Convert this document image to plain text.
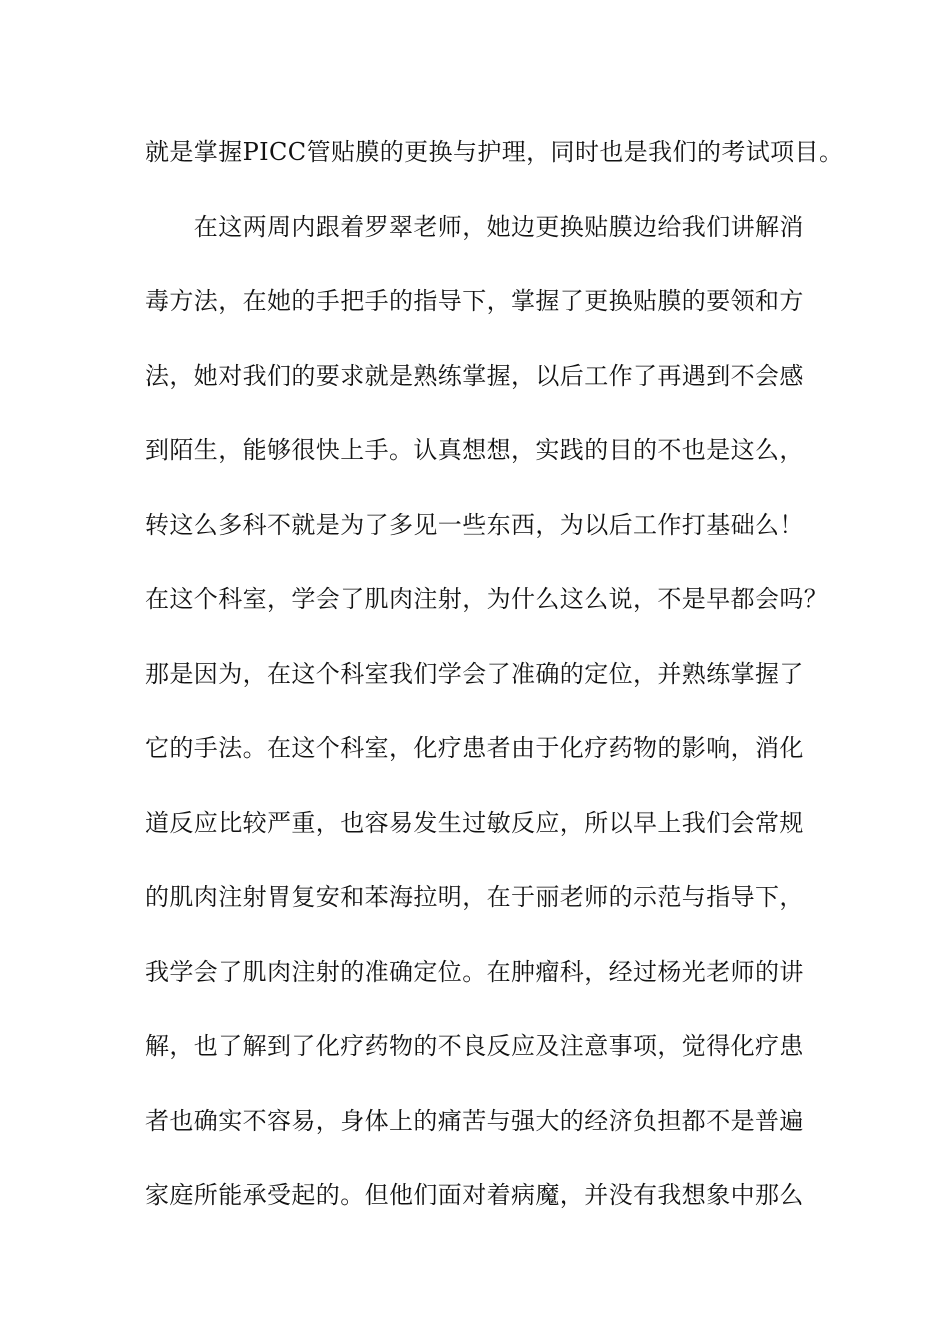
就是掌握PICC管贴膜的更换与护理，同时也是我们的考试项目。
　　在这两周内跟着罗翠老师，她边更换贴膜边给我们讲解消
毒方法，在她的手把手的指导下，掌握了更换贴膜的要领和方
法，她对我们的要求就是熟练掌握，以后工作了再遇到不会感
到陌生，能够很快上手。认真想想，实践的目的不也是这么，
转这么多科不就是为了多见一些东西，为以后工作打基础么！
在这个科室，学会了肌肉注射，为什么这么说，不是早都会吗？
那是因为，在这个科室我们学会了准确的定位，并熟练掌握了
它的手法。在这个科室，化疗患者由于化疗药物的影响，消化
道反应比较严重，也容易发生过敏反应，所以早上我们会常规
的肌肉注射胃复安和苯海拉明，在于丽老师的示范与指导下，
我学会了肌肉注射的准确定位。在肿瘤科，经过杨光老师的讲
解，也了解到了化疗药物的不良反应及注意事项，觉得化疗患
者也确实不容易，身体上的痛苦与强大的经济负担都不是普遍
家庭所能承受起的。但他们面对着病魔，并没有我想象中那么
